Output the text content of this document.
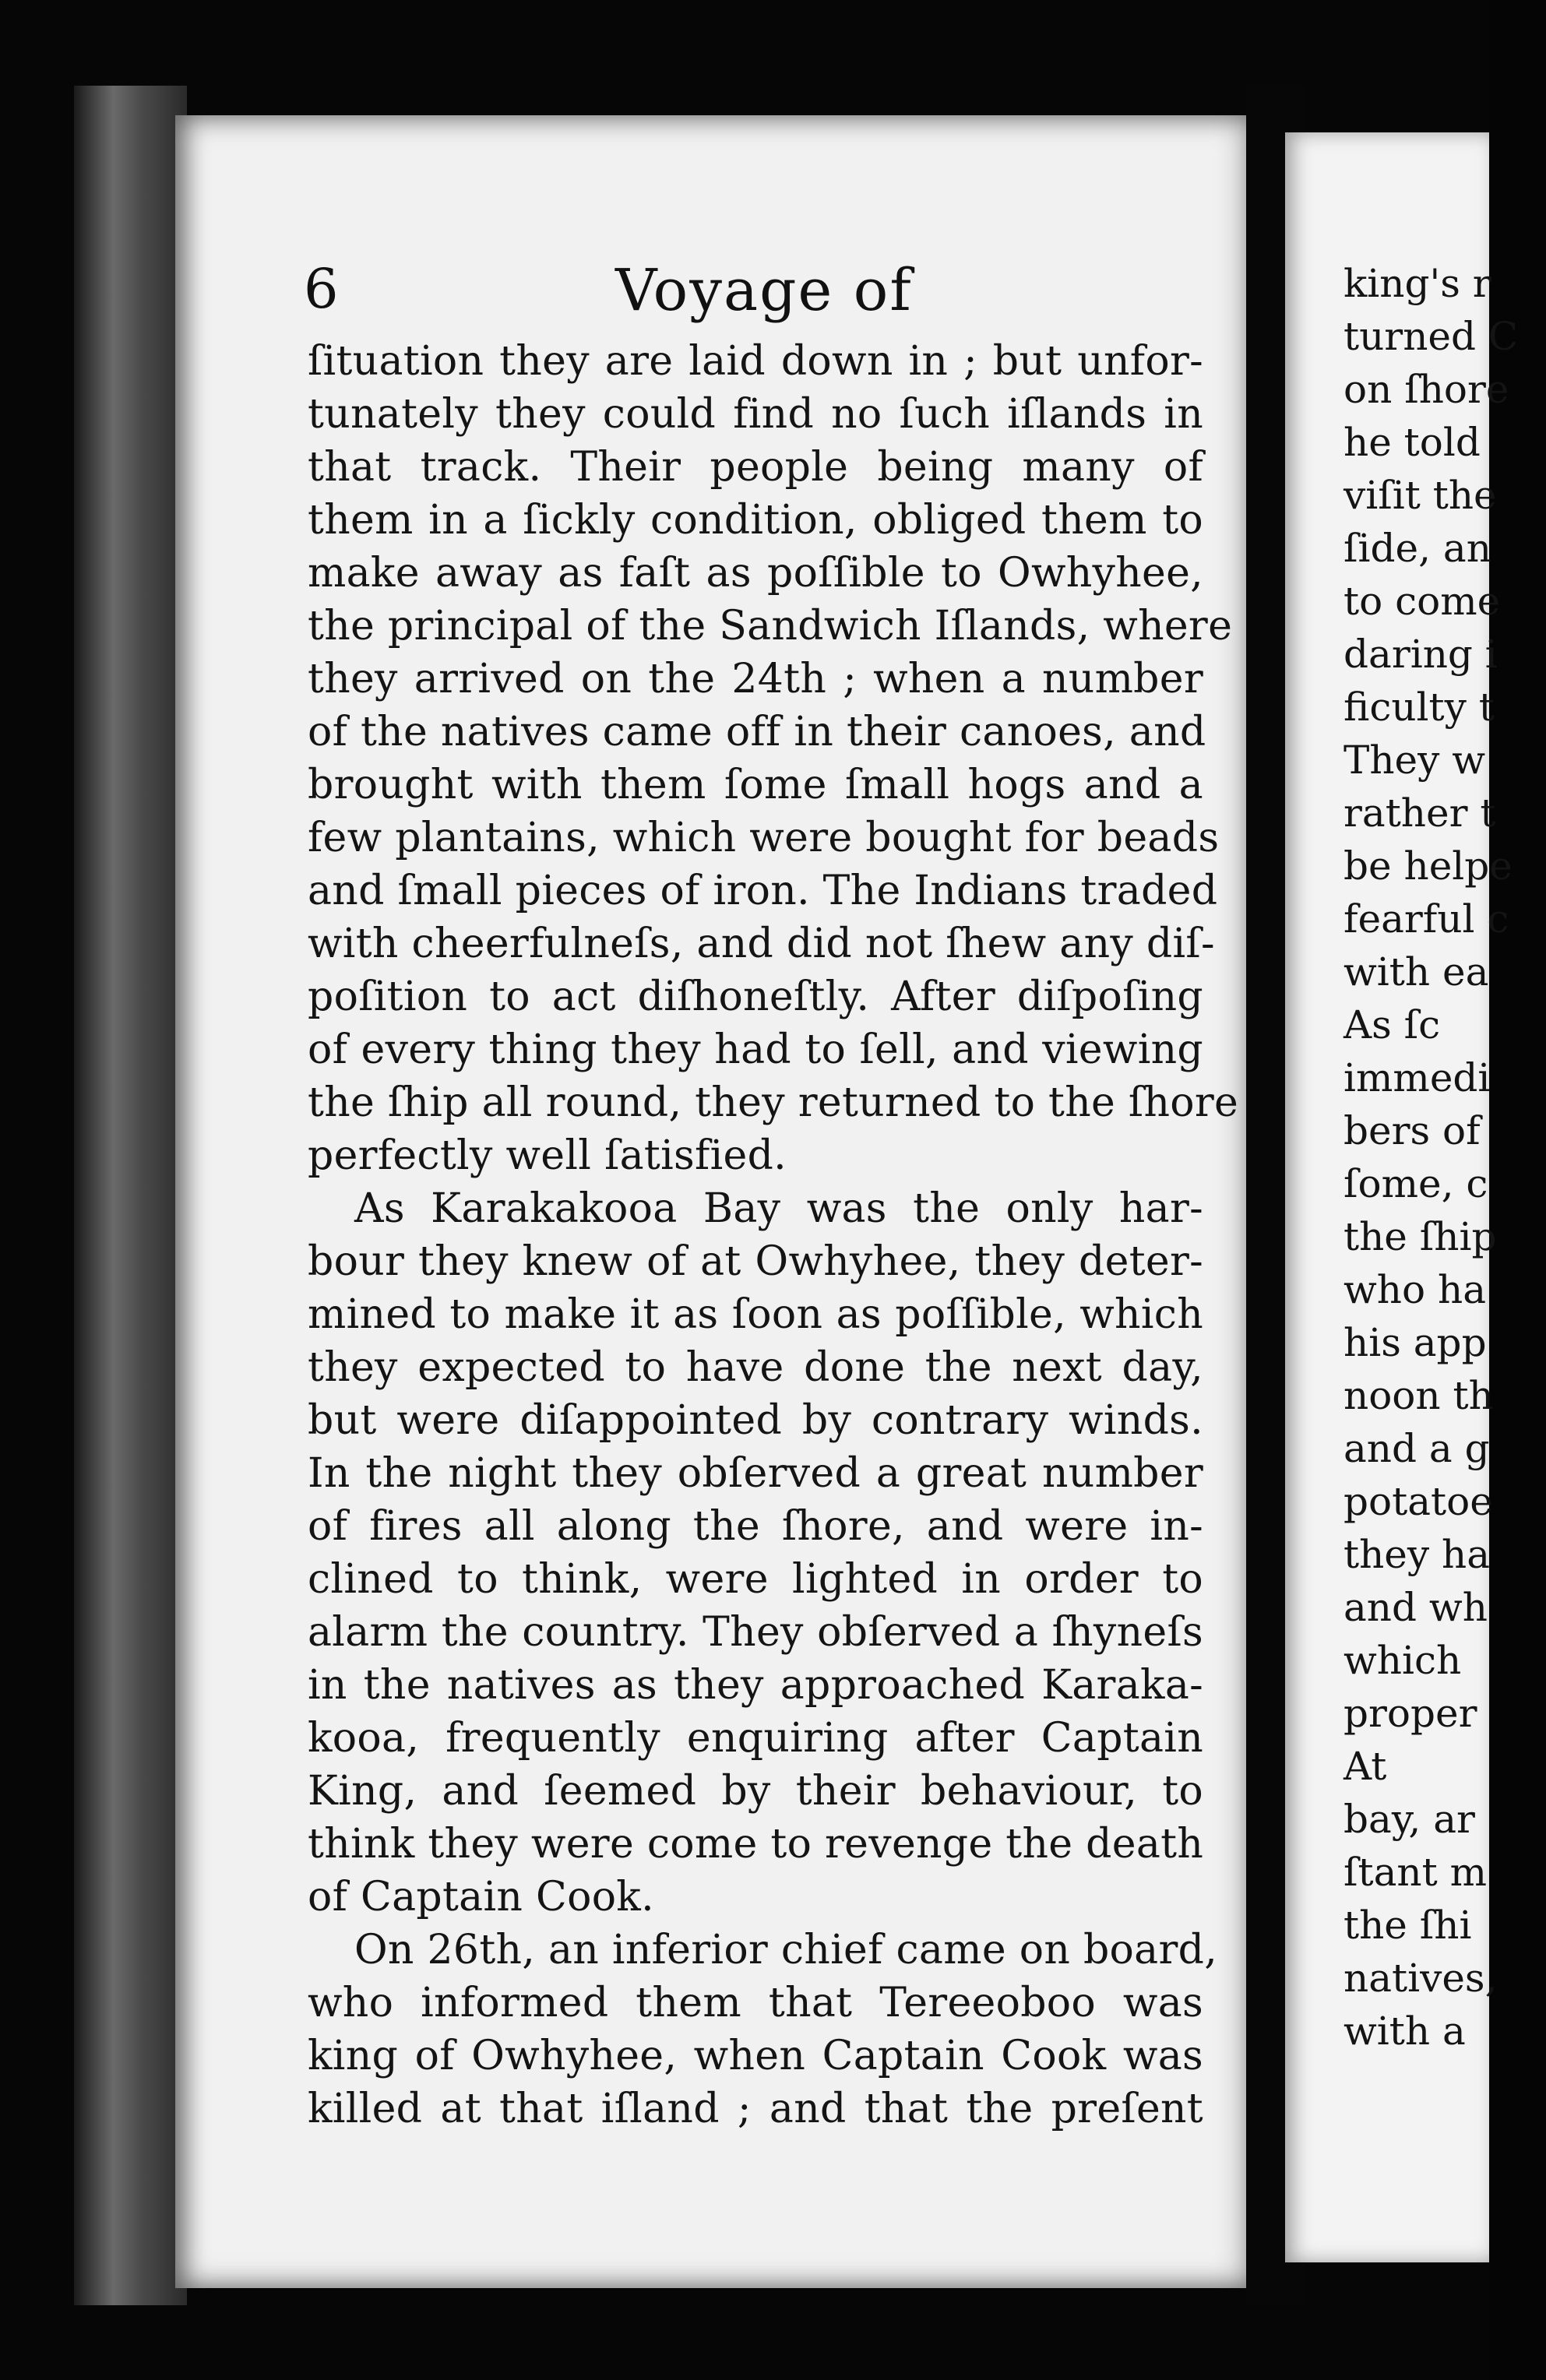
6	Voyage of
ſituation they are laid down in ; but unfor-
tunately they could find no ſuch iſlands in
that track. Their people being many of
them in a ſickly condition, obliged them to
make away as faſt as poſſible to Owhyhee,
the principal of the Sandwich Iſlands, where
they arrived on the 24th ; when a number
of the natives came off in their canoes, and
brought with them ſome ſmall hogs and a
few plantains, which were bought for beads
and ſmall pieces of iron. The Indians traded
with cheerfulneſs, and did not ſhew any diſ-
poſition to act diſhoneſtly. After diſpoſing
of every thing they had to ſell, and viewing
the ſhip all round, they returned to the ſhore
perfectly well ſatisfied.
As Karakakooa Bay was the only har-
bour they knew of at Owhyhee, they deter-
mined to make it as ſoon as poſſible, which
they expected to have done the next day,
but were diſappointed by contrary winds.
In the night they obſerved a great number
of fires all along the ſhore, and were in-
clined to think, were lighted in order to
alarm the country. They obſerved a ſhyneſs
in the natives as they approached Karaka-
kooa, frequently enquiring after Captain
King, and ſeemed by their behaviour, to
think they were come to revenge the death
of Captain Cook.
On 26th, an inferior chief came on board,
who informed them that Tereeoboo was
king of Owhyhee, when Captain Cook was
killed at that iſland ; and that the preſent
king's r
turned C
on ſhore
he told
viſit the
ſide, an
to come
daring i
ficulty t
They w
rather t
be helpe
fearful c
with ea
As ſc
immedi
bers of
ſome, c
the ſhip
who ha
his app
noon th
and a g
potatoe
they ha
and wh
which
proper
At
bay, ar
ſtant m
the ſhi
natives,
with a
